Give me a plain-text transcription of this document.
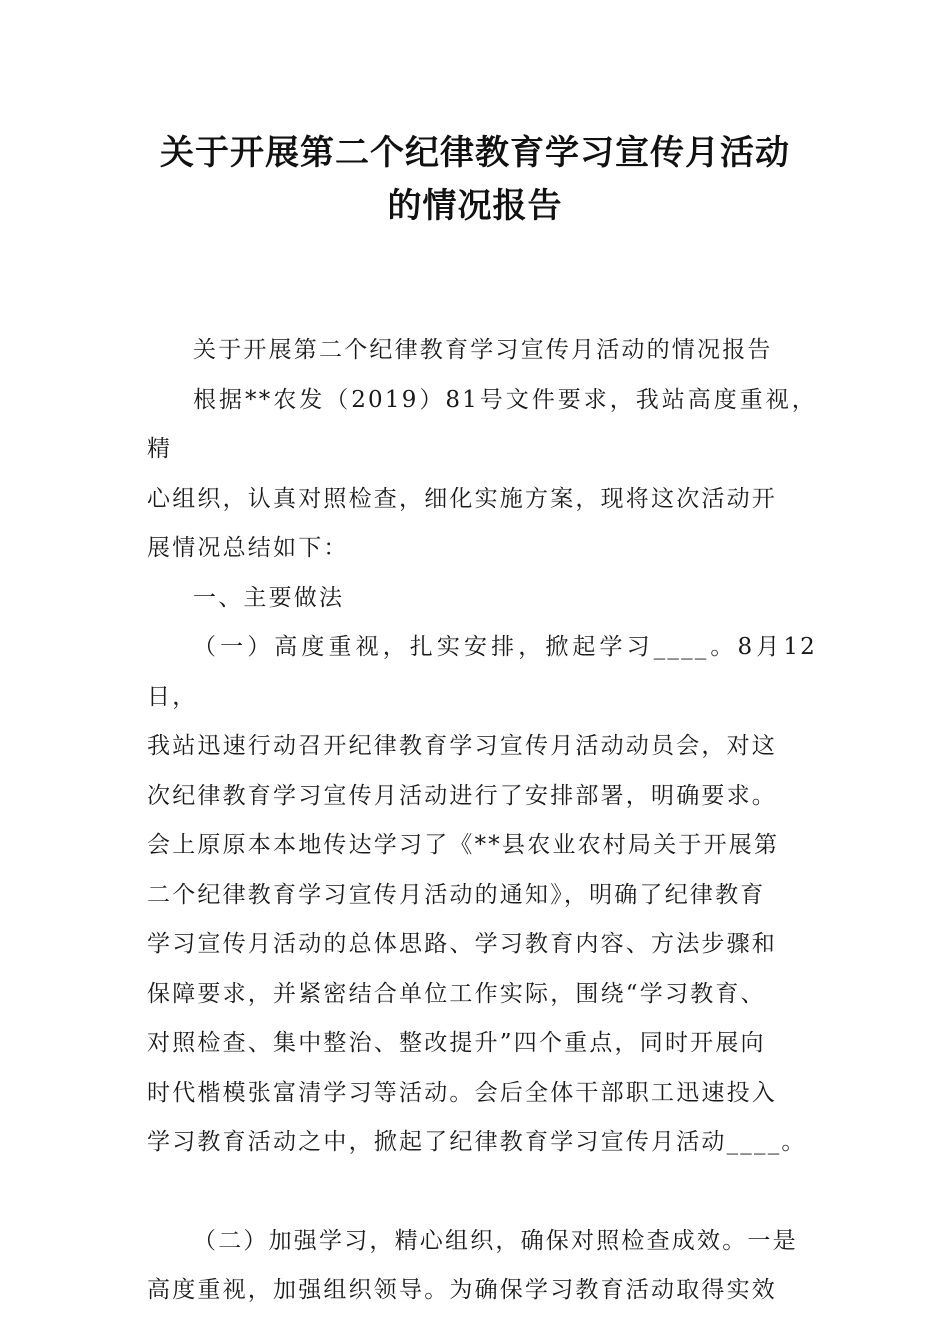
关于开展第二个纪律教育学习宣传月活动
的情况报告
关于开展第二个纪律教育学习宣传月活动的情况报告
根据**农发（2019）81号文件要求，我站高度重视，精
心组织，认真对照检查，细化实施方案，现将这次活动开
展情况总结如下：
一、主要做法
（一）高度重视，扎实安排，掀起学习____。8月12日，
我站迅速行动召开纪律教育学习宣传月活动动员会，对这
次纪律教育学习宣传月活动进行了安排部署，明确要求。
会上原原本本地传达学习了《**县农业农村局关于开展第
二个纪律教育学习宣传月活动的通知》，明确了纪律教育
学习宣传月活动的总体思路、学习教育内容、方法步骤和
保障要求，并紧密结合单位工作实际，围绕“学习教育、
对照检查、集中整治、整改提升”四个重点，同时开展向
时代楷模张富清学习等活动。会后全体干部职工迅速投入
学习教育活动之中，掀起了纪律教育学习宣传月活动____。
（二）加强学习，精心组织，确保对照检查成效。一是
高度重视，加强组织领导。为确保学习教育活动取得实效
